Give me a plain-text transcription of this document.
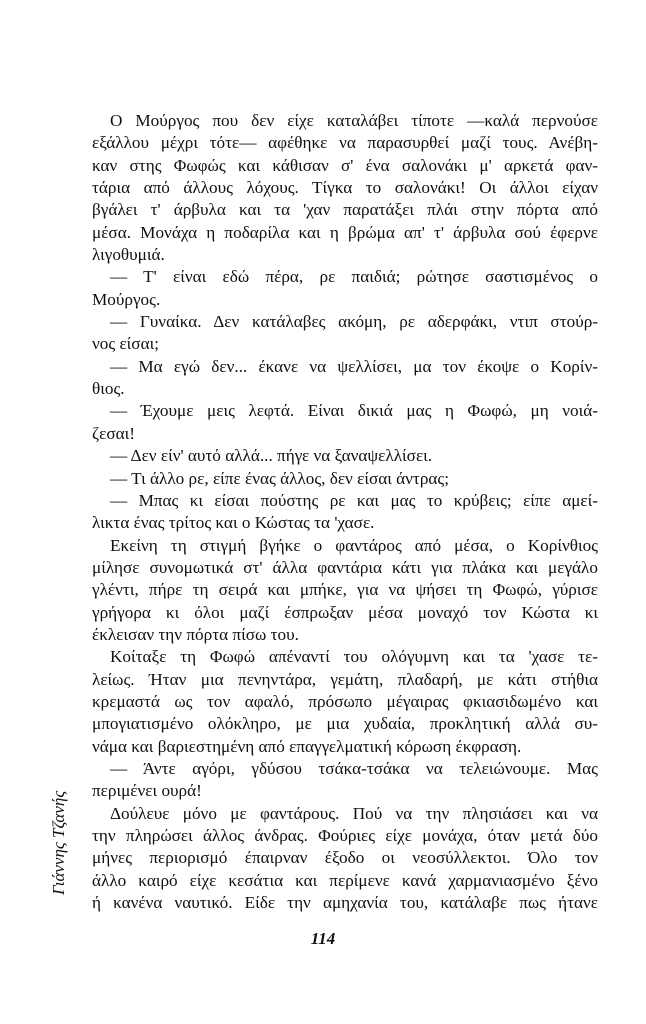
Ο Μούργος που δεν είχε καταλάβει τίποτε —καλά περνούσε
εξάλλου μέχρι τότε— αφέθηκε να παρασυρθεί μαζί τους. Ανέβη-
καν στης Φωφώς και κάθισαν σ' ένα σαλονάκι μ' αρκετά φαν-
τάρια από άλλους λόχους. Τίγκα το σαλονάκι! Οι άλλοι είχαν
βγάλει τ' άρβυλα και τα 'χαν παρατάξει πλάι στην πόρτα από
μέσα. Μονάχα η ποδαρίλα και η βρώμα απ' τ' άρβυλα σού έφερνε
λιγοθυμιά.
— Τ' είναι εδώ πέρα, ρε παιδιά; ρώτησε σαστισμένος ο
Μούργος.
— Γυναίκα. Δεν κατάλαβες ακόμη, ρε αδερφάκι, ντιπ στούρ-
νος είσαι;
— Μα εγώ δεν... έκανε να ψελλίσει, μα τον έκοψε ο Κορίν-
θιος.
— Έχουμε μεις λεφτά. Είναι δικιά μας η Φωφώ, μη νοιά-
ζεσαι!
— Δεν είν' αυτό αλλά... πήγε να ξαναψελλίσει.
— Τι άλλο ρε, είπε ένας άλλος, δεν είσαι άντρας;
— Μπας κι είσαι πούστης ρε και μας το κρύβεις; είπε αμεί-
λικτα ένας τρίτος και ο Κώστας τα 'χασε.
Εκείνη τη στιγμή βγήκε ο φαντάρος από μέσα, ο Κορίνθιος
μίλησε συνομωτικά στ' άλλα φαντάρια κάτι για πλάκα και μεγάλο
γλέντι, πήρε τη σειρά και μπήκε, για να ψήσει τη Φωφώ, γύρισε
γρήγορα κι όλοι μαζί έσπρωξαν μέσα μοναχό τον Κώστα κι
έκλεισαν την πόρτα πίσω του.
Κοίταξε τη Φωφώ απέναντί του ολόγυμνη και τα 'χασε τε-
λείως. Ήταν μια πενηντάρα, γεμάτη, πλαδαρή, με κάτι στήθια
κρεμαστά ως τον αφαλό, πρόσωπο μέγαιρας φκιασιδωμένο και
μπογιατισμένο ολόκληρο, με μια χυδαία, προκλητική αλλά συ-
νάμα και βαριεστημένη από επαγγελματική κόρωση έκφραση.
— Άντε αγόρι, γδύσου τσάκα-τσάκα να τελειώνουμε. Μας
περιμένει ουρά!
Δούλευε μόνο με φαντάρους. Πού να την πλησιάσει και να
την πληρώσει άλλος άνδρας. Φούριες είχε μονάχα, όταν μετά δύο
μήνες περιορισμό έπαιρναν έξοδο οι νεοσύλλεκτοι. Όλο τον
άλλο καιρό είχε κεσάτια και περίμενε κανά χαρμανιασμένο ξένο
ή κανένα ναυτικό. Είδε την αμηχανία του, κατάλαβε πως ήτανε
Γιάννης Τζανής
114
